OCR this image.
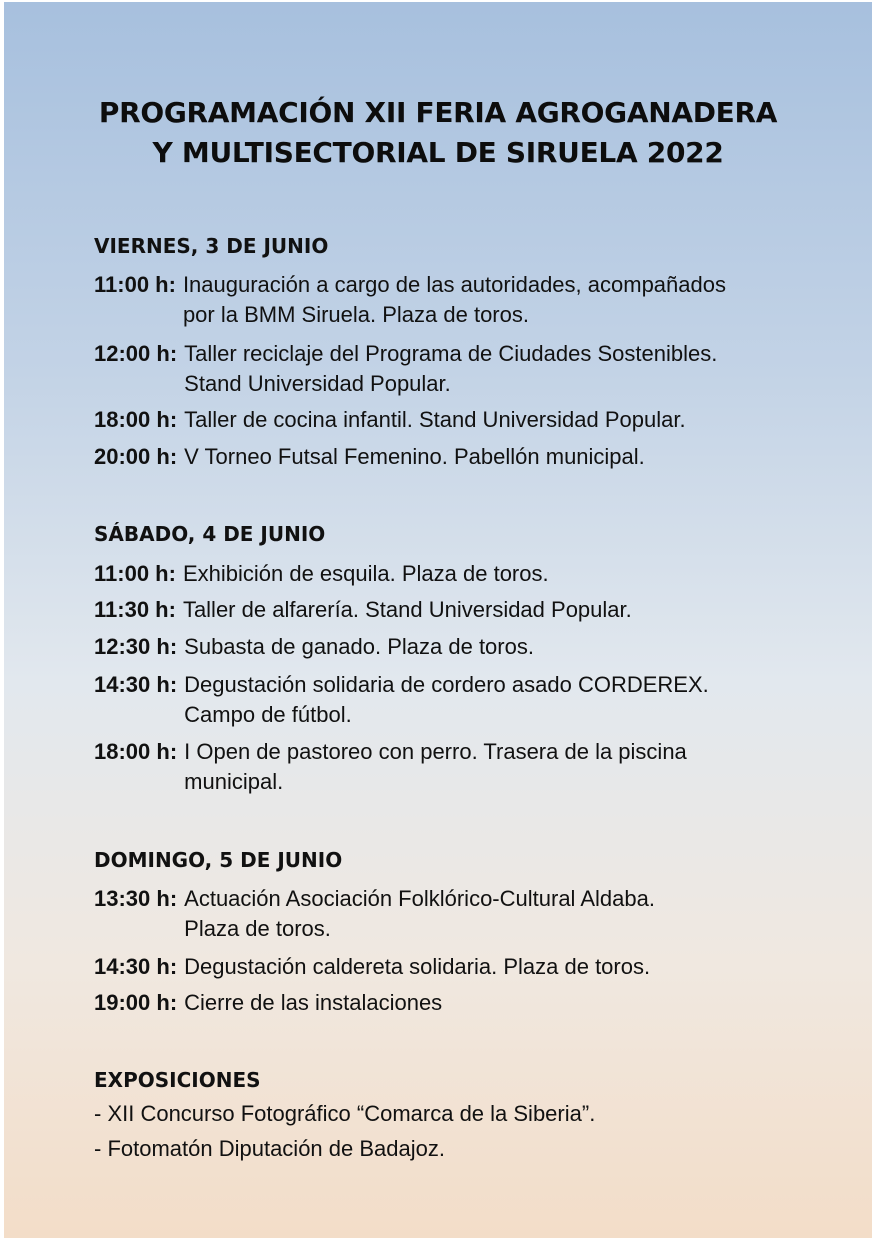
PROGRAMACIÓN XII FERIA AGROGANADERA
Y MULTISECTORIAL DE SIRUELA 2022
VIERNES, 3 DE JUNIO
11:00 h: Inauguración a cargo de las autoridades, acompañados
por la BMM Siruela. Plaza de toros.
12:00 h: Taller reciclaje del Programa de Ciudades Sostenibles.
Stand Universidad Popular.
18:00 h: Taller de cocina infantil. Stand Universidad Popular.
20:00 h: V Torneo Futsal Femenino. Pabellón municipal.
SÁBADO, 4 DE JUNIO
11:00 h: Exhibición de esquila. Plaza de toros.
11:30 h: Taller de alfarería. Stand Universidad Popular.
12:30 h: Subasta de ganado. Plaza de toros.
14:30 h: Degustación solidaria de cordero asado CORDEREX.
Campo de fútbol.
18:00 h: I Open de pastoreo con perro. Trasera de la piscina
municipal.
DOMINGO, 5 DE JUNIO
13:30 h: Actuación Asociación Folklórico-Cultural Aldaba.
Plaza de toros.
14:30 h: Degustación caldereta solidaria. Plaza de toros.
19:00 h: Cierre de las instalaciones
EXPOSICIONES
- XII Concurso Fotográfico “Comarca de la Siberia”.
- Fotomatón Diputación de Badajoz.
